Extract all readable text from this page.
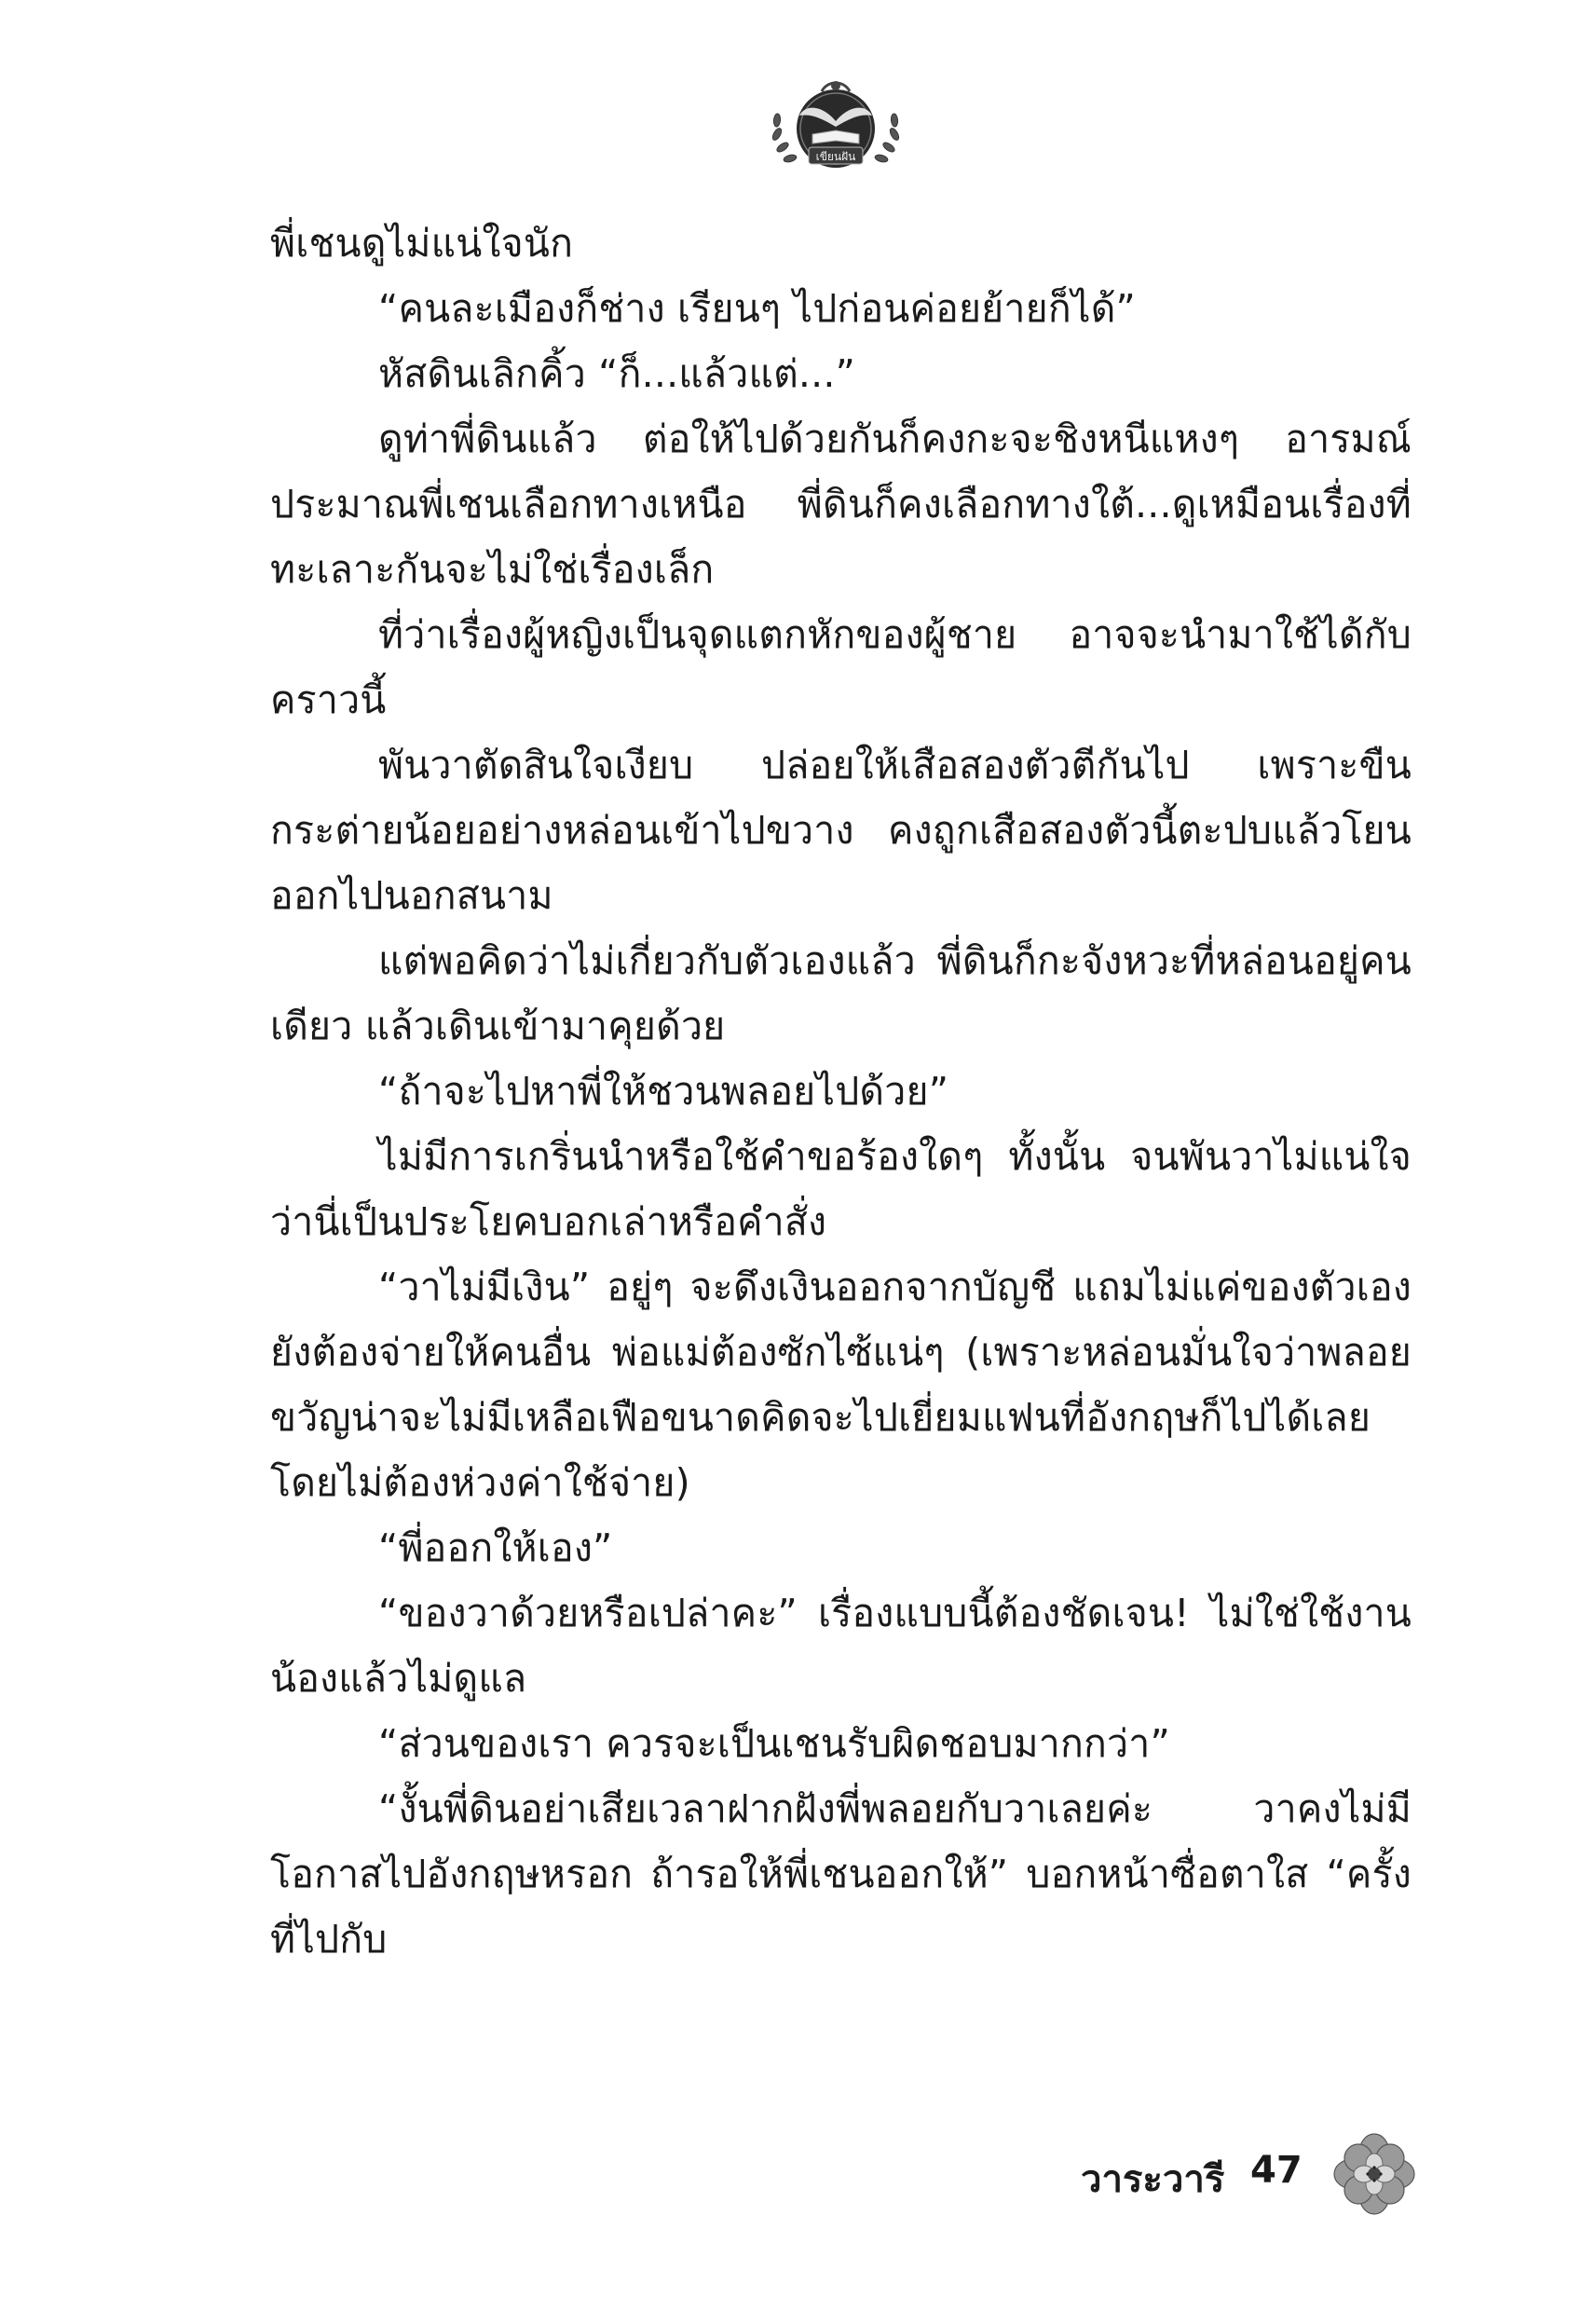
เขียนฝัน

พี่เชนดูไม่แน่ใจนัก

“คนละเมืองก็ช่าง เรียนๆ ไปก่อนค่อยย้ายก็ได้”

หัสดินเลิกคิ้ว “ก็...แล้วแต่...”

ดูท่าพี่ดินแล้ว ต่อให้ไปด้วยกันก็คงกะจะชิงหนีแหงๆ อารมณ์ประมาณพี่เชนเลือกทางเหนือ พี่ดินก็คงเลือกทางใต้...ดูเหมือนเรื่องที่ทะเลาะกันจะไม่ใช่เรื่องเล็ก

ที่ว่าเรื่องผู้หญิงเป็นจุดแตกหักของผู้ชาย อาจจะนำมาใช้ได้กับคราวนี้

พันวาตัดสินใจเงียบ ปล่อยให้เสือสองตัวตีกันไป เพราะขืนกระต่ายน้อยอย่างหล่อนเข้าไปขวาง คงถูกเสือสองตัวนี้ตะปบแล้วโยนออกไปนอกสนาม

แต่พอคิดว่าไม่เกี่ยวกับตัวเองแล้ว พี่ดินก็กะจังหวะที่หล่อนอยู่คนเดียว แล้วเดินเข้ามาคุยด้วย

“ถ้าจะไปหาพี่ให้ชวนพลอยไปด้วย”

ไม่มีการเกริ่นนำหรือใช้คำขอร้องใดๆ ทั้งนั้น จนพันวาไม่แน่ใจว่านี่เป็นประโยคบอกเล่าหรือคำสั่ง

“วาไม่มีเงิน” อยู่ๆ จะดึงเงินออกจากบัญชี แถมไม่แค่ของตัวเองยังต้องจ่ายให้คนอื่น พ่อแม่ต้องซักไซ้แน่ๆ (เพราะหล่อนมั่นใจว่าพลอยขวัญน่าจะไม่มีเหลือเฟือขนาดคิดจะไปเยี่ยมแฟนที่อังกฤษก็ไปได้เลยโดยไม่ต้องห่วงค่าใช้จ่าย)

“พี่ออกให้เอง”

“ของวาด้วยหรือเปล่าคะ” เรื่องแบบนี้ต้องชัดเจน! ไม่ใช่ใช้งานน้องแล้วไม่ดูแล

“ส่วนของเรา ควรจะเป็นเชนรับผิดชอบมากกว่า”

“งั้นพี่ดินอย่าเสียเวลาฝากฝังพี่พลอยกับวาเลยค่ะ วาคงไม่มีโอกาสไปอังกฤษหรอก ถ้ารอให้พี่เชนออกให้” บอกหน้าซื่อตาใส “ครั้งที่ไปกับ

วาระวารี 47
